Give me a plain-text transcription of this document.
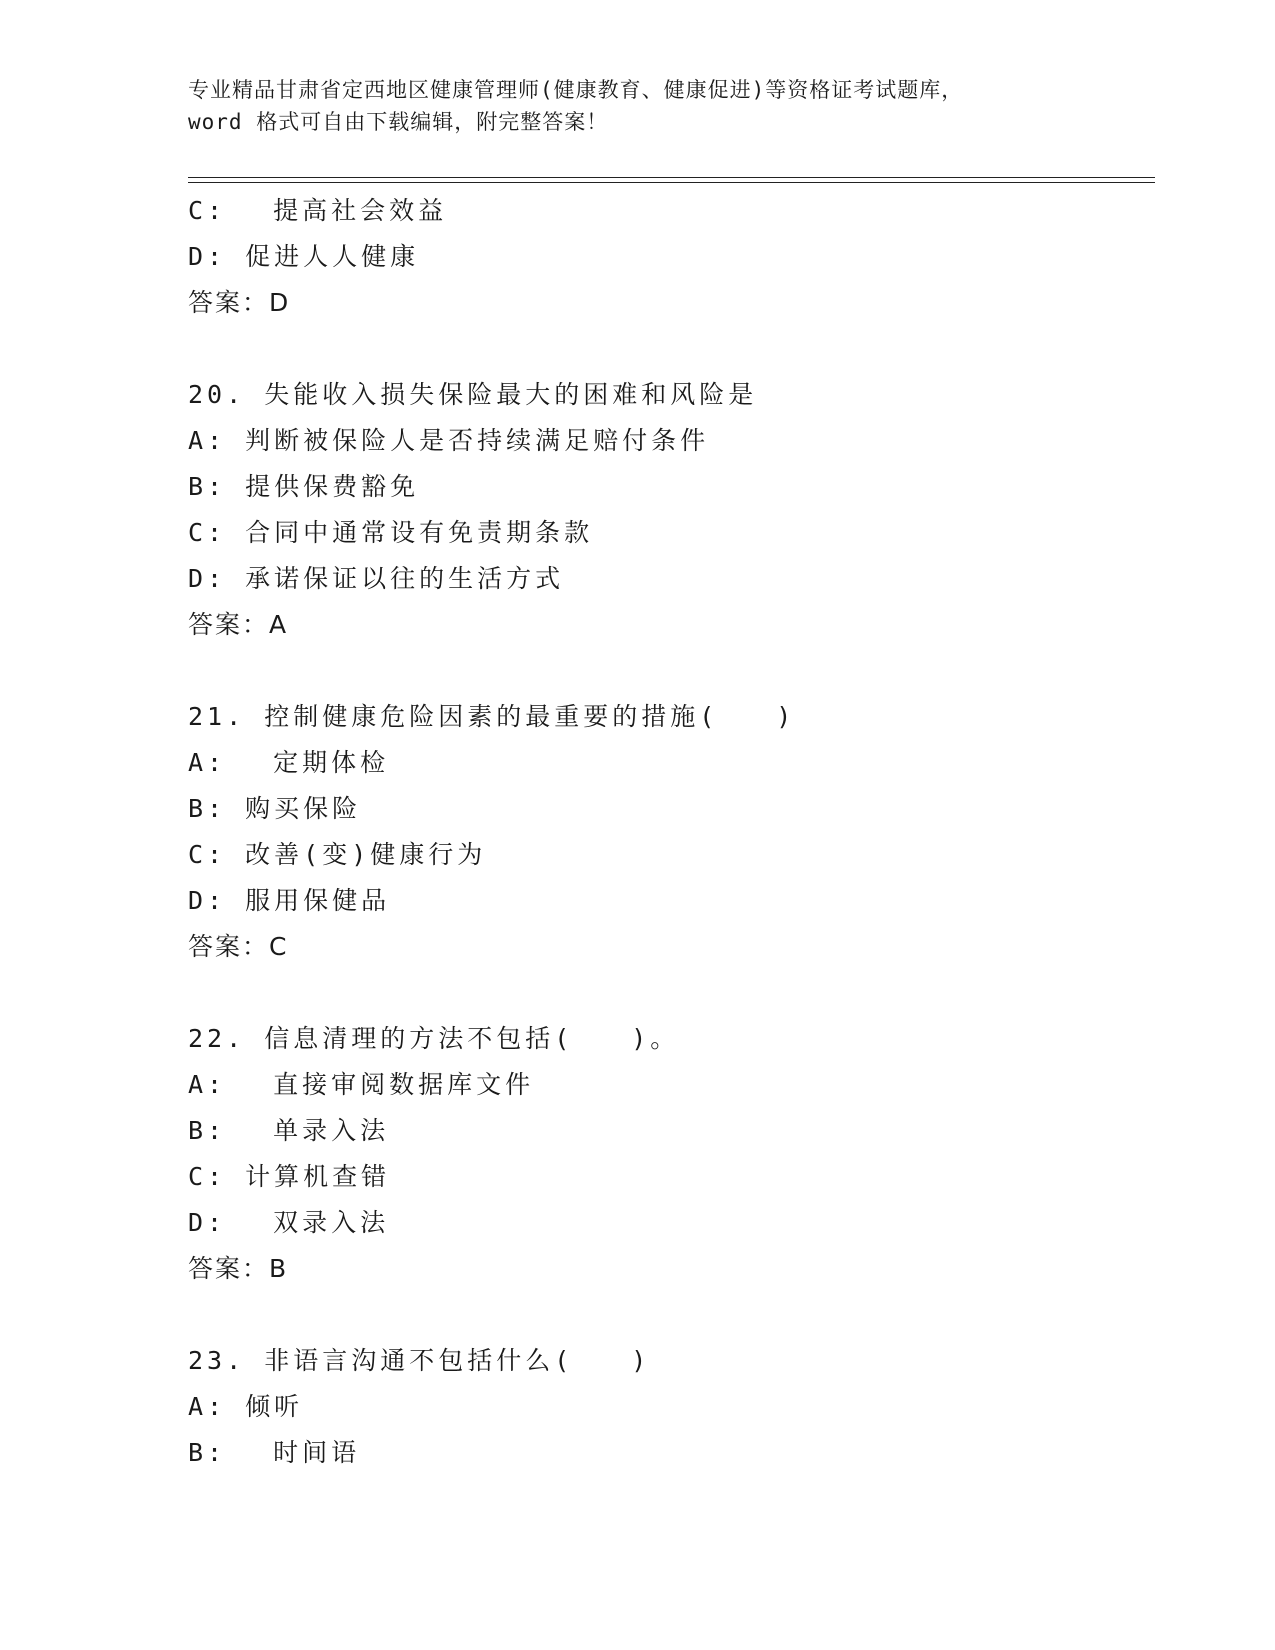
专业精品甘肃省定西地区健康管理师(健康教育、健康促进)等资格证考试题库，
word 格式可自由下载编辑，附完整答案！
C: 提高社会效益
D: 促进人人健康
答案：D
20. 失能收入损失保险最大的困难和风险是
A: 判断被保险人是否持续满足赔付条件
B: 提供保费豁免
C: 合同中通常设有免责期条款
D: 承诺保证以往的生活方式
答案：A
21. 控制健康危险因素的最重要的措施(　　)
A: 定期体检
B: 购买保险
C: 改善(变)健康行为
D: 服用保健品
答案：C
22. 信息清理的方法不包括(　　)。
A: 直接审阅数据库文件
B: 单录入法
C: 计算机查错
D: 双录入法
答案：B
23. 非语言沟通不包括什么(　　)
A: 倾听
B: 时间语
